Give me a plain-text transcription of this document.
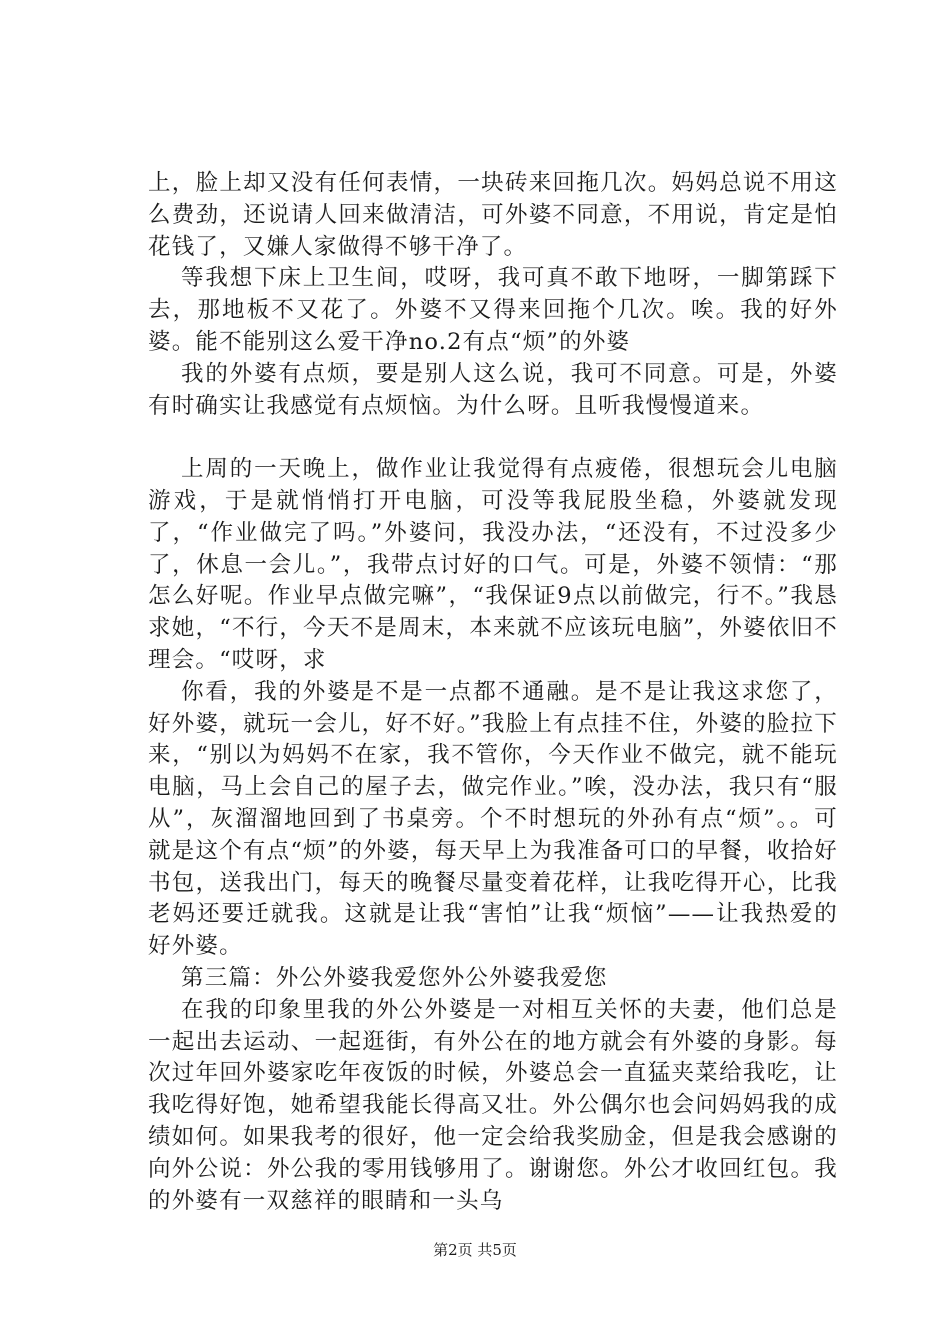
上，脸上却又没有任何表情，一块砖来回拖几次。妈妈总说不用这么费劲，还说请人回来做清洁，可外婆不同意，不用说，肯定是怕花钱了，又嫌人家做得不够干净了。

等我想下床上卫生间，哎呀，我可真不敢下地呀，一脚第踩下去，那地板不又花了。外婆不又得来回拖个几次。唉。我的好外婆。能不能别这么爱干净no.2有点“烦”的外婆

我的外婆有点烦，要是别人这么说，我可不同意。可是，外婆有时确实让我感觉有点烦恼。为什么呀。且听我慢慢道来。

上周的一天晚上，做作业让我觉得有点疲倦，很想玩会儿电脑游戏，于是就悄悄打开电脑，可没等我屁股坐稳，外婆就发现了，“作业做完了吗。”外婆问，我没办法，“还没有，不过没多少了，休息一会儿。”，我带点讨好的口气。可是，外婆不领情：“那怎么好呢。作业早点做完嘛”，“我保证9点以前做完，行不。”我恳求她，“不行，今天不是周末，本来就不应该玩电脑”，外婆依旧不理会。“哎呀，求

你看，我的外婆是不是一点都不通融。是不是让我这求您了，好外婆，就玩一会儿，好不好。”我脸上有点挂不住，外婆的脸拉下来，“别以为妈妈不在家，我不管你，今天作业不做完，就不能玩电脑，马上会自己的屋子去，做完作业。”唉，没办法，我只有“服从”，灰溜溜地回到了书桌旁。个不时想玩的外孙有点“烦”。。可就是这个有点“烦”的外婆，每天早上为我准备可口的早餐，收拾好书包，送我出门，每天的晚餐尽量变着花样，让我吃得开心，比我老妈还要迁就我。这就是让我“害怕”让我“烦恼”——让我热爱的好外婆。

第三篇：外公外婆我爱您外公外婆我爱您

在我的印象里我的外公外婆是一对相互关怀的夫妻，他们总是一起出去运动、一起逛街，有外公在的地方就会有外婆的身影。每次过年回外婆家吃年夜饭的时候，外婆总会一直猛夹菜给我吃，让我吃得好饱，她希望我能长得高又壮。外公偶尔也会问妈妈我的成绩如何。如果我考的很好，他一定会给我奖励金，但是我会感谢的向外公说：外公我的零用钱够用了。谢谢您。外公才收回红包。我的外婆有一双慈祥的眼睛和一头乌

第2页 共5页
